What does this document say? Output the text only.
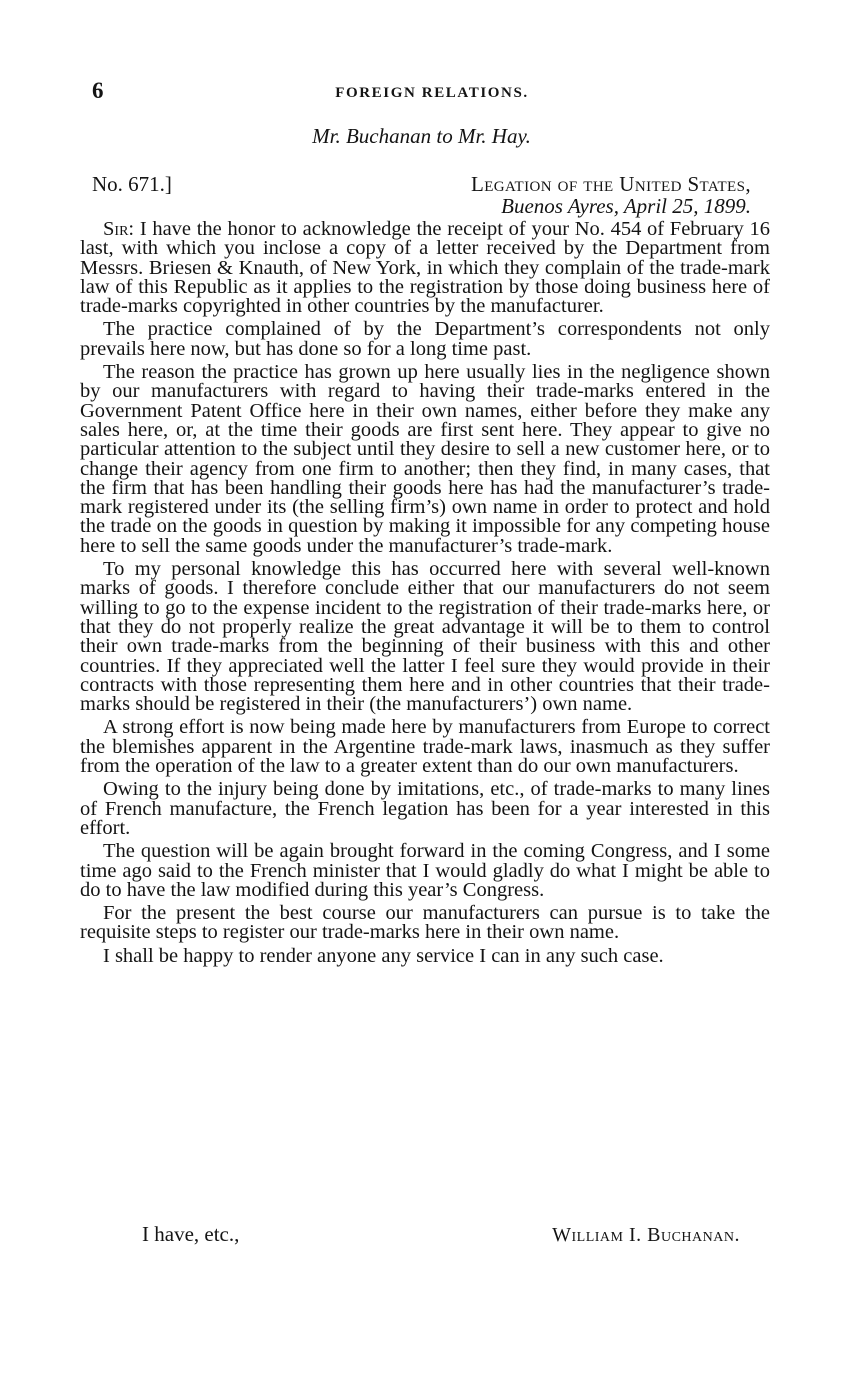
6	FOREIGN RELATIONS.
Mr. Buchanan to Mr. Hay.
No. 671.]	Legation of the United States,
Buenos Ayres, April 25, 1899.

Sir: I have the honor to acknowledge the receipt of your No. 454 of February 16 last, with which you inclose a copy of a letter received by the Department from Messrs. Briesen & Knauth, of New York, in which they complain of the trade-mark law of this Republic as it applies to the registration by those doing business here of trade-marks copyrighted in other countries by the manufacturer.

The practice complained of by the Department’s correspondents not only prevails here now, but has done so for a long time past.

The reason the practice has grown up here usually lies in the negligence shown by our manufacturers with regard to having their trade-marks entered in the Government Patent Office here in their own names, either before they make any sales here, or, at the time their goods are first sent here. They appear to give no particular attention to the subject until they desire to sell a new customer here, or to change their agency from one firm to another; then they find, in many cases, that the firm that has been handling their goods here has had the manufacturer’s trade-mark registered under its (the selling firm’s) own name in order to protect and hold the trade on the goods in question by making it impossible for any competing house here to sell the same goods under the manufacturer’s trade-mark.

To my personal knowledge this has occurred here with several well-known marks of goods. I therefore conclude either that our manufacturers do not seem willing to go to the expense incident to the registration of their trade-marks here, or that they do not properly realize the great advantage it will be to them to control their own trade-marks from the beginning of their business with this and other countries. If they appreciated well the latter I feel sure they would provide in their contracts with those representing them here and in other countries that their trade-marks should be registered in their (the manufacturers’) own name.

A strong effort is now being made here by manufacturers from Europe to correct the blemishes apparent in the Argentine trade-mark laws, inasmuch as they suffer from the operation of the law to a greater extent than do our own manufacturers.

Owing to the injury being done by imitations, etc., of trade-marks to many lines of French manufacture, the French legation has been for a year interested in this effort.

The question will be again brought forward in the coming Congress, and I some time ago said to the French minister that I would gladly do what I might be able to do to have the law modified during this year’s Congress.

For the present the best course our manufacturers can pursue is to take the requisite steps to register our trade-marks here in their own name.

I shall be happy to render anyone any service I can in any such case.

I have, etc.,	William I. Buchanan.
